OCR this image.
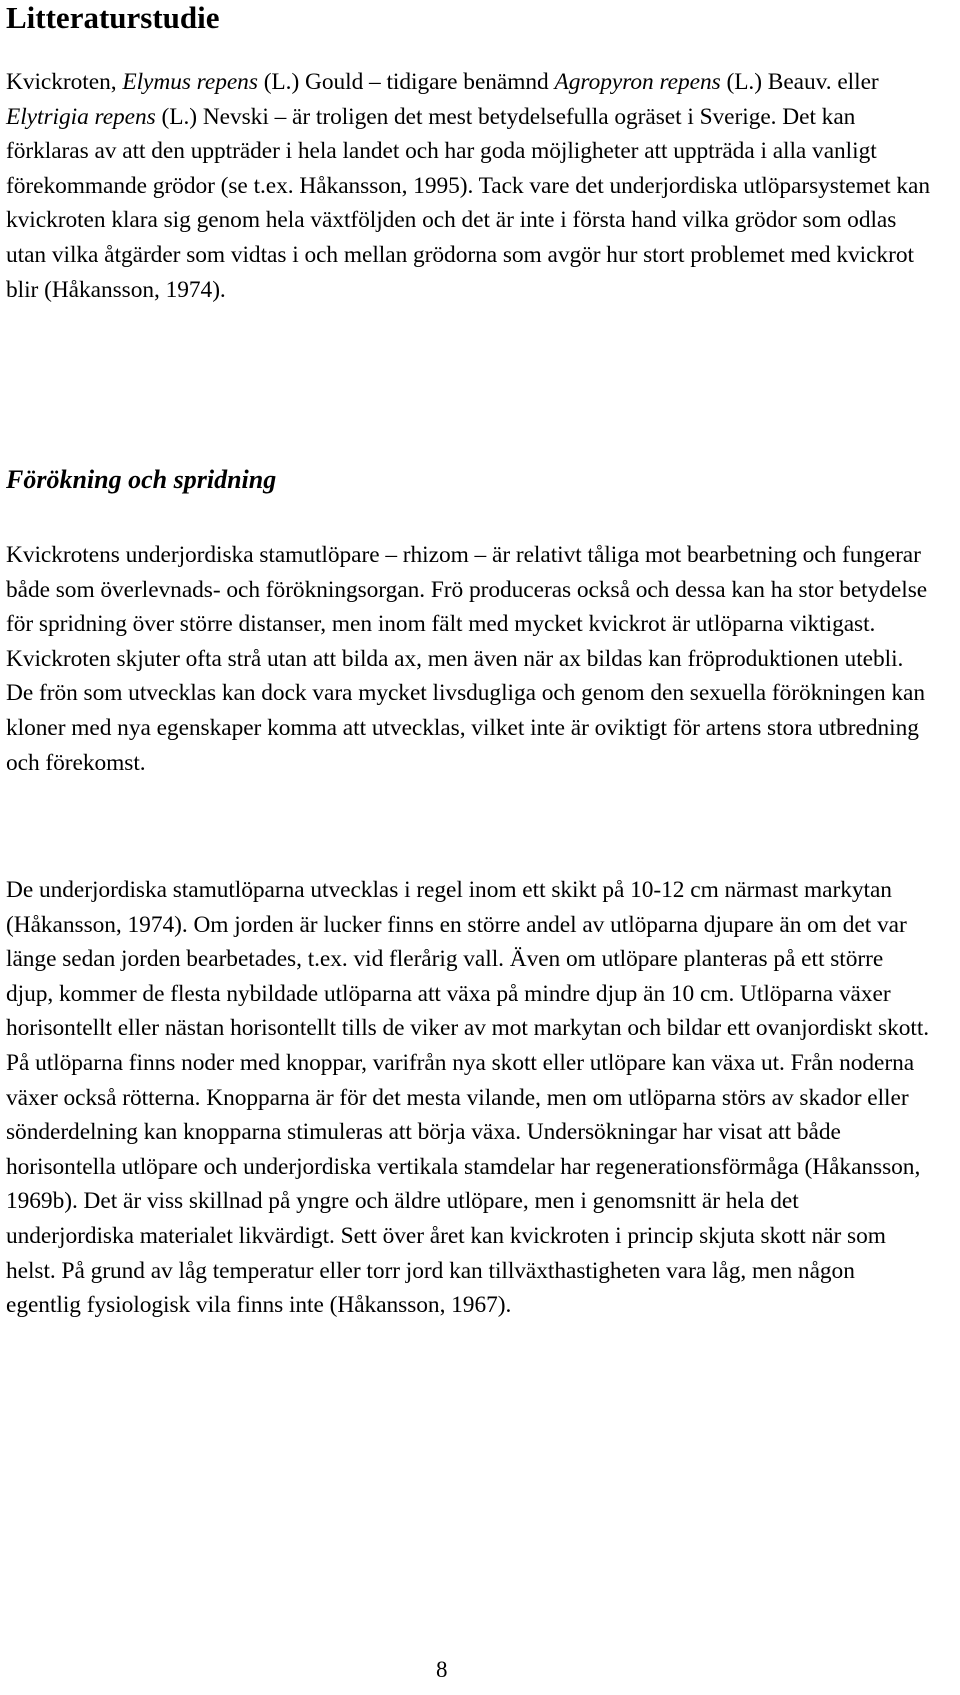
Litteraturstudie

Kvickroten, Elymus repens (L.) Gould – tidigare benämnd Agropyron repens (L.) Beauv. eller Elytrigia repens (L.) Nevski – är troligen det mest betydelsefulla ogräset i Sverige. Det kan förklaras av att den uppträder i hela landet och har goda möjligheter att uppträda i alla vanligt förekommande grödor (se t.ex. Håkansson, 1995). Tack vare det underjordiska utlöparsystemet kan kvickroten klara sig genom hela växtföljden och det är inte i första hand vilka grödor som odlas utan vilka åtgärder som vidtas i och mellan grödorna som avgör hur stort problemet med kvickrot blir (Håkansson, 1974).

Förökning och spridning

Kvickrotens underjordiska stamutlöpare – rhizom – är relativt tåliga mot bearbetning och fungerar både som överlevnads- och förökningsorgan. Frö produceras också och dessa kan ha stor betydelse för spridning över större distanser, men inom fält med mycket kvickrot är utlöparna viktigast. Kvickroten skjuter ofta strå utan att bilda ax, men även när ax bildas kan fröproduktionen utebli. De frön som utvecklas kan dock vara mycket livsdugliga och genom den sexuella förökningen kan kloner med nya egenskaper komma att utvecklas, vilket inte är oviktigt för artens stora utbredning och förekomst.

De underjordiska stamutlöparna utvecklas i regel inom ett skikt på 10-12 cm närmast markytan (Håkansson, 1974). Om jorden är lucker finns en större andel av utlöparna djupare än om det var länge sedan jorden bearbetades, t.ex. vid flerårig vall. Även om utlöpare planteras på ett större djup, kommer de flesta nybildade utlöparna att växa på mindre djup än 10 cm. Utlöparna växer horisontellt eller nästan horisontellt tills de viker av mot markytan och bildar ett ovanjordiskt skott. På utlöparna finns noder med knoppar, varifrån nya skott eller utlöpare kan växa ut. Från noderna växer också rötterna. Knopparna är för det mesta vilande, men om utlöparna störs av skador eller sönderdelning kan knopparna stimuleras att börja växa. Undersökningar har visat att både horisontella utlöpare och underjordiska vertikala stamdelar har regenerationsförmåga (Håkansson, 1969b). Det är viss skillnad på yngre och äldre utlöpare, men i genomsnitt är hela det underjordiska materialet likvärdigt. Sett över året kan kvickroten i princip skjuta skott när som helst. På grund av låg temperatur eller torr jord kan tillväxthastigheten vara låg, men någon egentlig fysiologisk vila finns inte (Håkansson, 1967).

8
